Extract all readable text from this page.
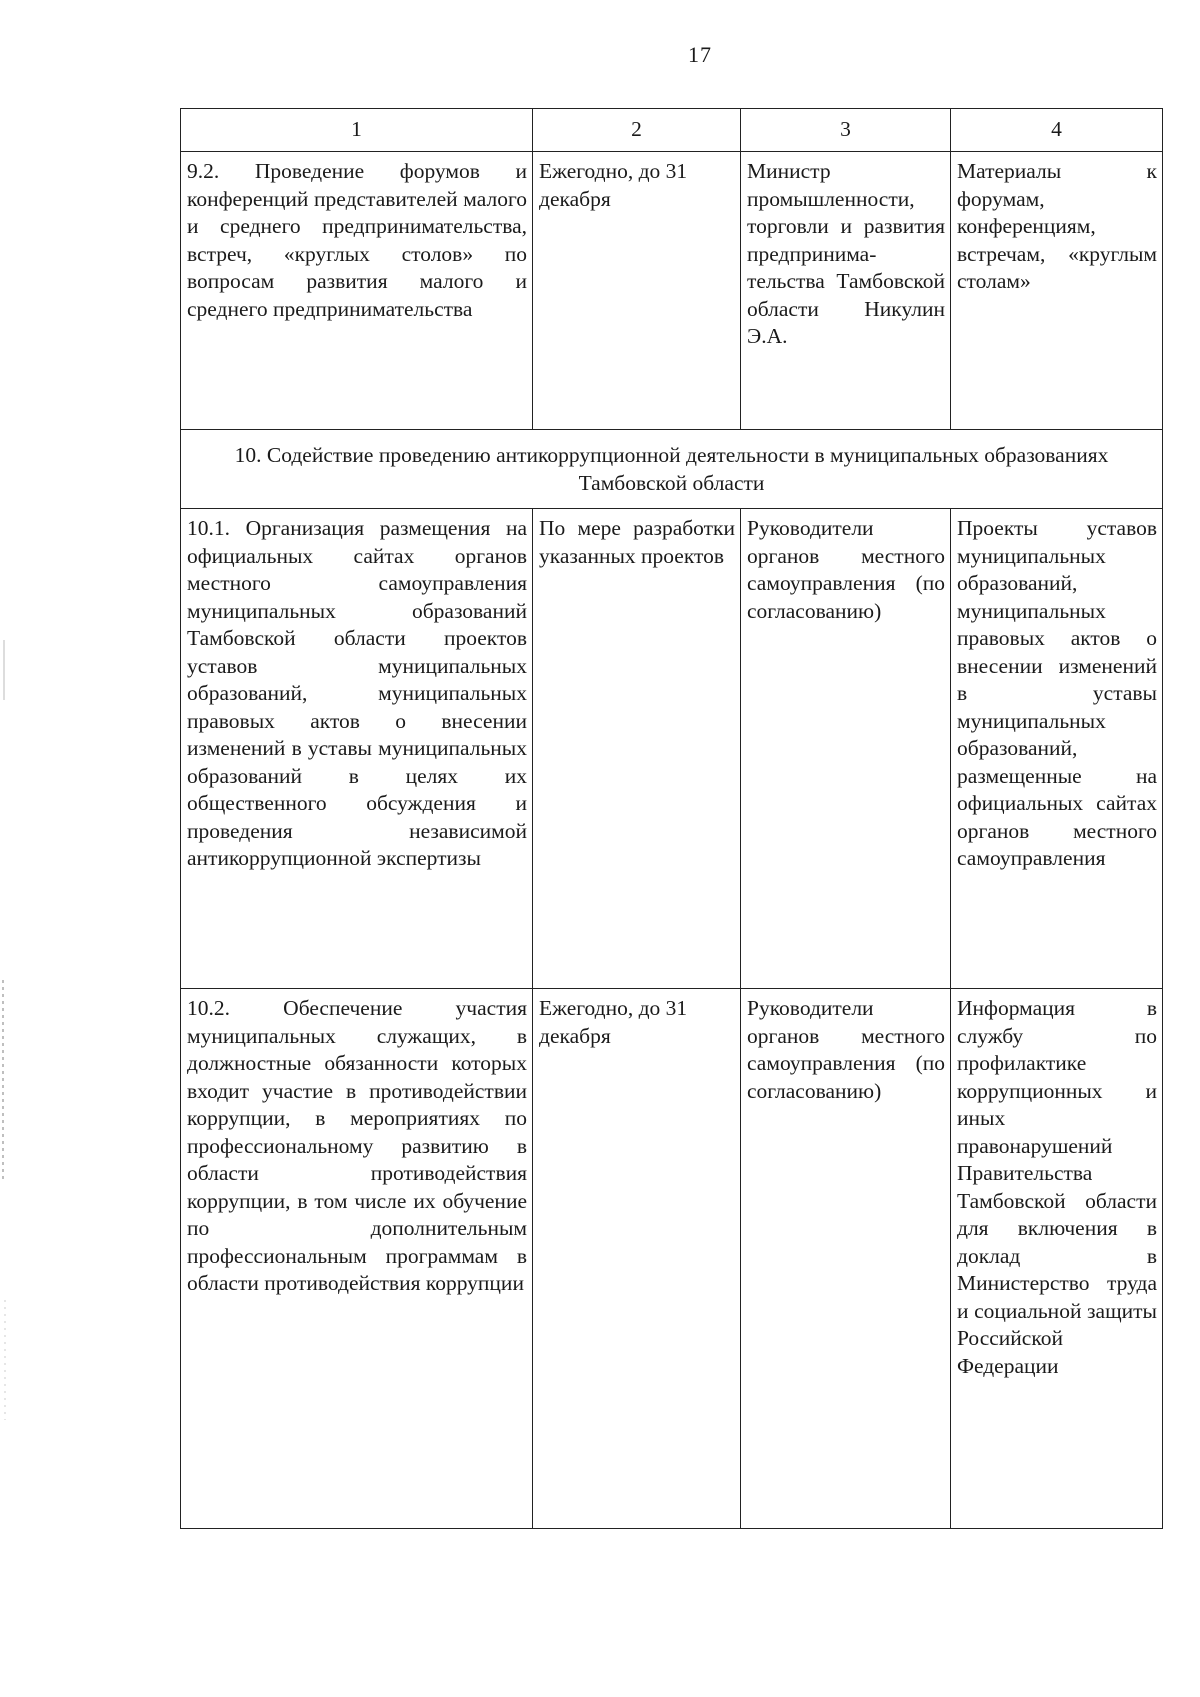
17
1	2	3	4
9.2. Проведение форумов и конференций представителей малого и среднего предпринимательства, встреч, «круглых столов» по вопросам развития малого и среднего предпринимательства	Ежегодно, до 31 декабря	Министр промышленности, торговли и развития предпринима-тельства Тамбовской области Никулин Э.А.	Материалы к форумам, конференциям, встречам, «круглым столам»
10. Содействие проведению антикоррупционной деятельности в муниципальных образованиях Тамбовской области			
10.1. Организация размещения на официальных сайтах органов местного самоуправления муниципальных образований Тамбовской области проектов уставов муниципальных образований, муниципальных правовых актов о внесении изменений в уставы муниципальных образований в целях их общественного обсуждения и проведения независимой антикоррупционной экспертизы	По мере разработки указанных проектов	Руководители органов местного самоуправления (по согласованию)	Проекты уставов муниципальных образований, муниципальных правовых актов о внесении изменений в уставы муниципальных образований, размещенные на официальных сайтах органов местного самоуправления
10.2. Обеспечение участия муниципальных служащих, в должностные обязанности которых входит участие в противодействии коррупции, в мероприятиях по профессиональному развитию в области противодействия коррупции, в том числе их обучение по дополнительным профессиональным программам в области противодействия коррупции	Ежегодно, до 31 декабря	Руководители органов местного самоуправления (по согласованию)	Информация в службу по профилактике коррупционных и иных правонарушений Правительства Тамбовской области для включения в доклад в Министерство труда и социальной защиты Российской Федерации
